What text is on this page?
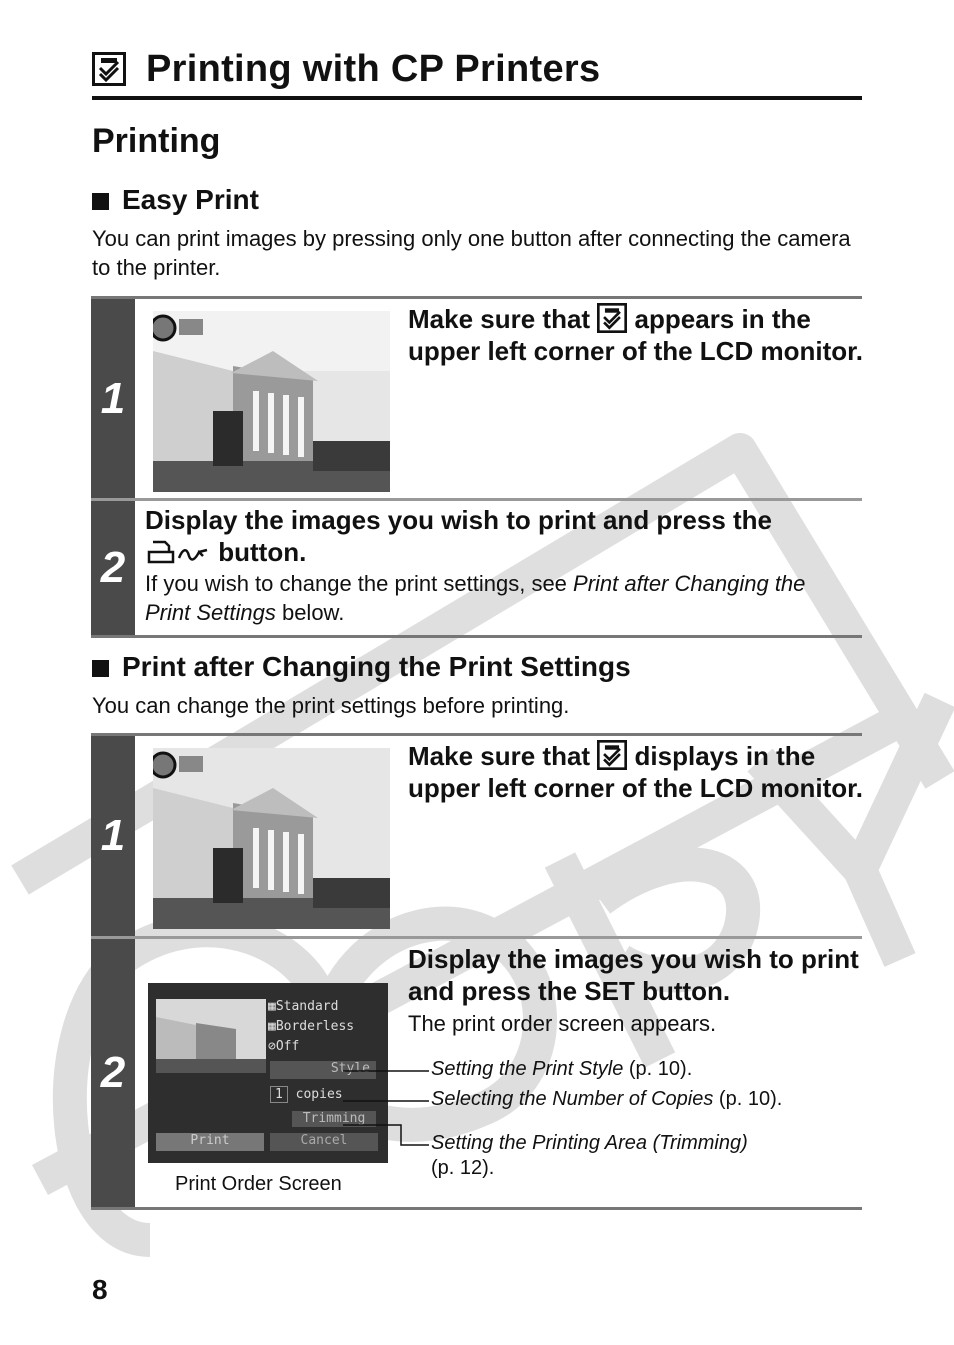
Printing with CP Printers
Printing
Easy Print
You can print images by pressing only one button after connecting the camera to the printer.
1
Make sure that appears in the upper left corner of the LCD monitor.
2
Display the images you wish to print and press the
button.
If you wish to change the print settings, see Print after Changing the Print Settings below.
Print after Changing the Print Settings
You can change the print settings before printing.
1
Make sure that displays in the upper left corner of the LCD monitor.
2
▦Standard
▦Borderless
⊘Off
Style
1 copies
Trimming
Print	Cancel
Print Order Screen
Display the images you wish to print and press the SET button.
The print order screen appears.
Setting the Print Style (p. 10).
Selecting the Number of Copies (p. 10).
Setting the Printing Area (Trimming)
(p. 12).
8
